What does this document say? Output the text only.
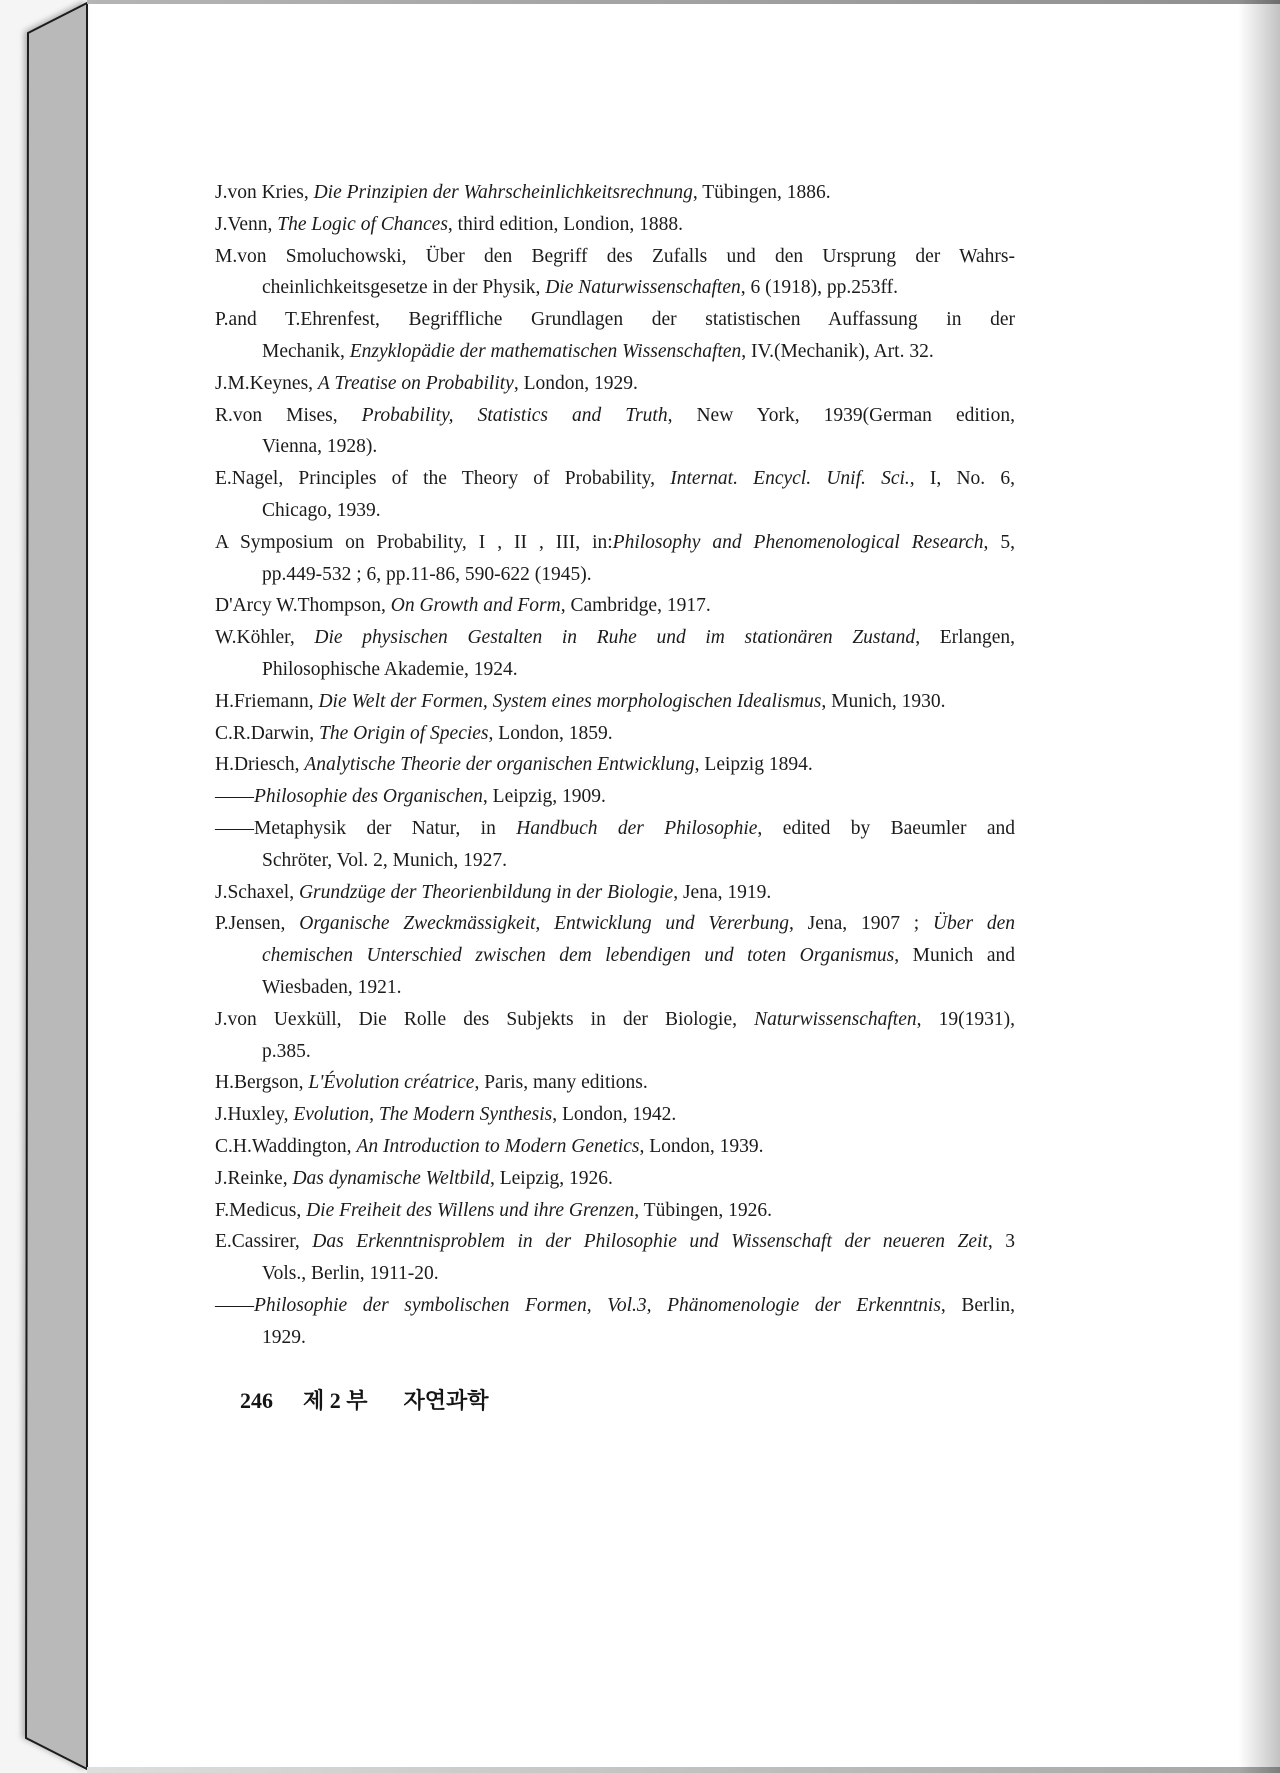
J.von Kries, Die Prinzipien der Wahrscheinlichkeitsrechnung, Tübingen, 1886.
J.Venn, The Logic of Chances, third edition, Londion, 1888.
M.von Smoluchowski, Über den Begriff des Zufalls und den Ursprung der Wahrs-
cheinlichkeitsgesetze in der Physik, Die Naturwissenschaften, 6 (1918), pp.253ff.
P.and T.Ehrenfest, Begriffliche Grundlagen der statistischen Auffassung in der
Mechanik, Enzyklopädie der mathematischen Wissenschaften, IV.(Mechanik), Art. 32.
J.M.Keynes, A Treatise on Probability, London, 1929.
R.von Mises, Probability, Statistics and Truth, New York, 1939(German edition,
Vienna, 1928).
E.Nagel, Principles of the Theory of Probability, Internat. Encycl. Unif. Sci., I, No. 6,
Chicago, 1939.
A Symposium on Probability, I , II , III, in:Philosophy and Phenomenological Research, 5,
pp.449-532 ; 6, pp.11-86, 590-622 (1945).
D'Arcy W.Thompson, On Growth and Form, Cambridge, 1917.
W.Köhler, Die physischen Gestalten in Ruhe und im stationären Zustand, Erlangen,
Philosophische Akademie, 1924.
H.Friemann, Die Welt der Formen, System eines morphologischen Idealismus, Munich, 1930.
C.R.Darwin, The Origin of Species, London, 1859.
H.Driesch, Analytische Theorie der organischen Entwicklung, Leipzig 1894.
——Philosophie des Organischen, Leipzig, 1909.
——Metaphysik der Natur, in Handbuch der Philosophie, edited by Baeumler and
Schröter, Vol. 2, Munich, 1927.
J.Schaxel, Grundzüge der Theorienbildung in der Biologie, Jena, 1919.
P.Jensen, Organische Zweckmässigkeit, Entwicklung und Vererbung, Jena, 1907 ; Über den
chemischen Unterschied zwischen dem lebendigen und toten Organismus, Munich and
Wiesbaden, 1921.
J.von Uexküll, Die Rolle des Subjekts in der Biologie, Naturwissenschaften, 19(1931),
p.385.
H.Bergson, L'Évolution créatrice, Paris, many editions.
J.Huxley, Evolution, The Modern Synthesis, London, 1942.
C.H.Waddington, An Introduction to Modern Genetics, London, 1939.
J.Reinke, Das dynamische Weltbild, Leipzig, 1926.
F.Medicus, Die Freiheit des Willens und ihre Grenzen, Tübingen, 1926.
E.Cassirer, Das Erkenntnisproblem in der Philosophie und Wissenschaft der neueren Zeit, 3
Vols., Berlin, 1911-20.
——Philosophie der symbolischen Formen, Vol.3, Phänomenologie der Erkenntnis, Berlin,
1929.
246 제 2 부 자연과학
